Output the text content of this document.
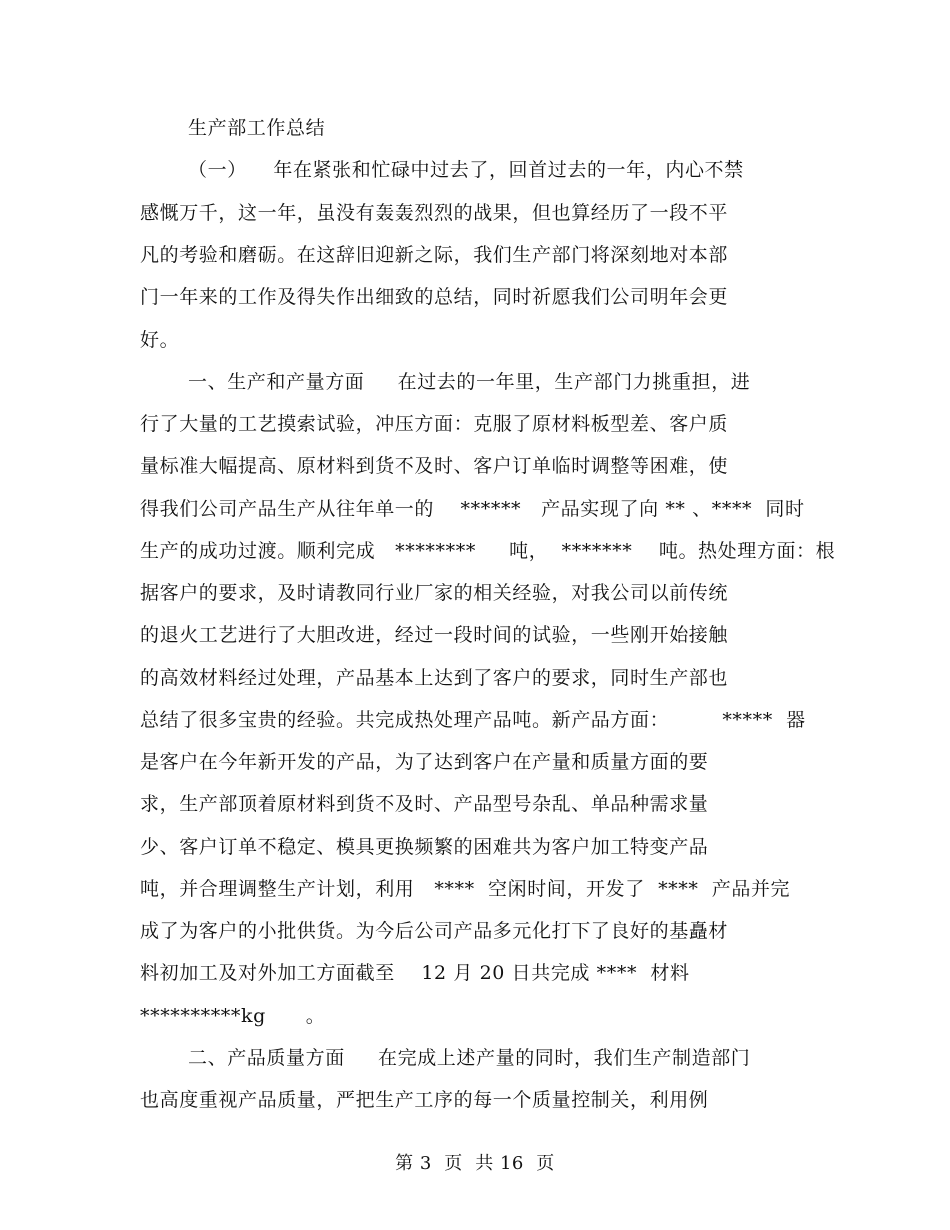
生产部工作总结
（一）    年在紧张和忙碌中过去了，回首过去的一年，内心不禁
感慨万千，这一年，虽没有轰轰烈烈的战果，但也算经历了一段不平
凡的考验和磨砺。在这辞旧迎新之际，我们生产部门将深刻地对本部
门一年来的工作及得失作出细致的总结，同时祈愿我们公司明年会更
好。
一、生产和产量方面     在过去的一年里，生产部门力挑重担，进
行了大量的工艺摸索试验，冲压方面：克服了原材料板型差、客户质
量标准大幅提高、原材料到货不及时、客户订单临时调整等困难，使
得我们公司产品生产从往年单一的    ******   产品实现了向 ** 、****  同时
生产的成功过渡。顺利完成   ********     吨，  *******    吨。热处理方面：根
据客户的要求，及时请教同行业厂家的相关经验，对我公司以前传统
的退火工艺进行了大胆改进，经过一段时间的试验，一些刚开始接触
的高效材料经过处理，产品基本上达到了客户的要求，同时生产部也
总结了很多宝贵的经验。共完成热处理产品吨。新产品方面：        *****  器
是客户在今年新开发的产品，为了达到客户在产量和质量方面的要
求，生产部顶着原材料到货不及时、产品型号杂乱、单品种需求量
少、客户订单不稳定、模具更换频繁的困难共为客户加工特变产品
吨，并合理调整生产计划，利用   ****  空闲时间，开发了  ****  产品并完
成了为客户的小批供货。为今后公司产品多元化打下了良好的基矗材
料初加工及对外加工方面截至    12 月 20 日共完成 ****  材料
**********kg      。
二、产品质量方面     在完成上述产量的同时，我们生产制造部门
也高度重视产品质量，严把生产工序的每一个质量控制关，利用例
第 3  页  共 16  页
